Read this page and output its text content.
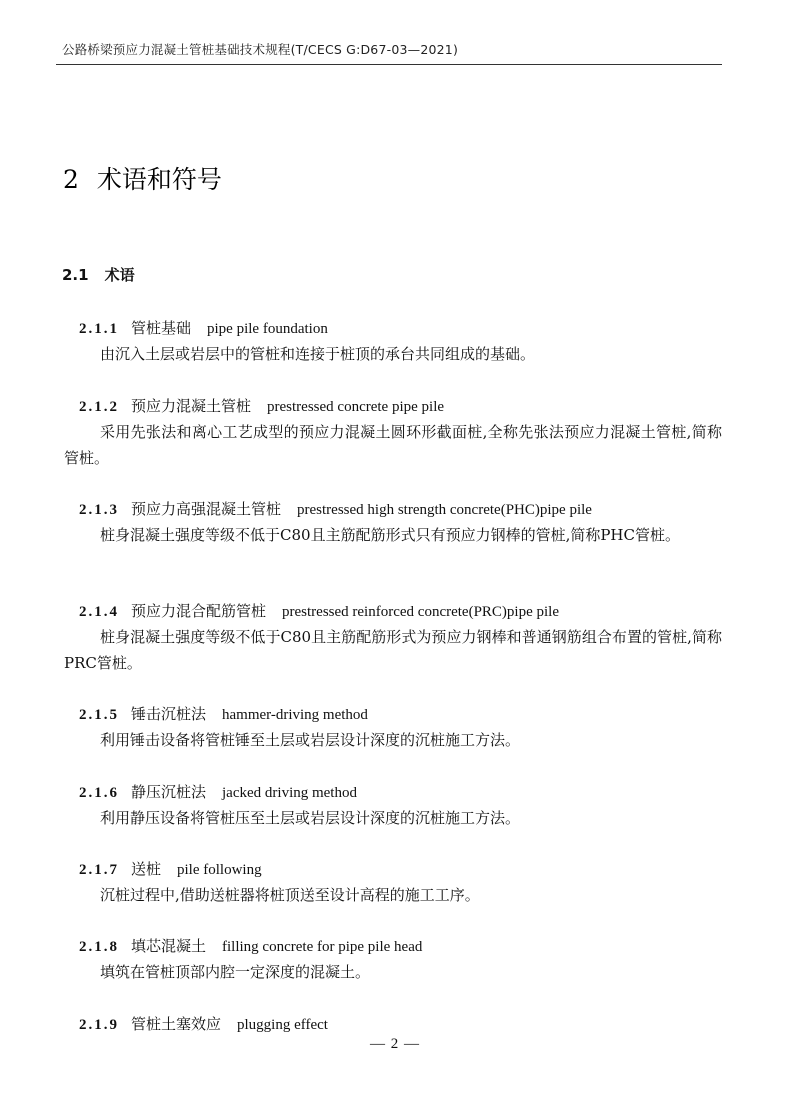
公路桥梁预应力混凝土管桩基础技术规程(T/CECS G:D67-03—2021)
2 术语和符号
2.1 术语
2.1.1 管桩基础 pipe pile foundation
由沉入土层或岩层中的管桩和连接于桩顶的承台共同组成的基础。
2.1.2 预应力混凝土管桩 prestressed concrete pipe pile
采用先张法和离心工艺成型的预应力混凝土圆环形截面桩,全称先张法预应力混凝土管桩,简称管桩。
2.1.3 预应力高强混凝土管桩 prestressed high strength concrete(PHC)pipe pile
桩身混凝土强度等级不低于C80且主筋配筋形式只有预应力钢棒的管桩,简称PHC管桩。
2.1.4 预应力混合配筋管桩 prestressed reinforced concrete(PRC)pipe pile
桩身混凝土强度等级不低于C80且主筋配筋形式为预应力钢棒和普通钢筋组合布置的管桩,简称PRC管桩。
2.1.5 锤击沉桩法 hammer-driving method
利用锤击设备将管桩锤至土层或岩层设计深度的沉桩施工方法。
2.1.6 静压沉桩法 jacked driving method
利用静压设备将管桩压至土层或岩层设计深度的沉桩施工方法。
2.1.7 送桩 pile following
沉桩过程中,借助送桩器将桩顶送至设计高程的施工工序。
2.1.8 填芯混凝土 filling concrete for pipe pile head
填筑在管桩顶部内腔一定深度的混凝土。
2.1.9 管桩土塞效应 plugging effect
— 2 —
